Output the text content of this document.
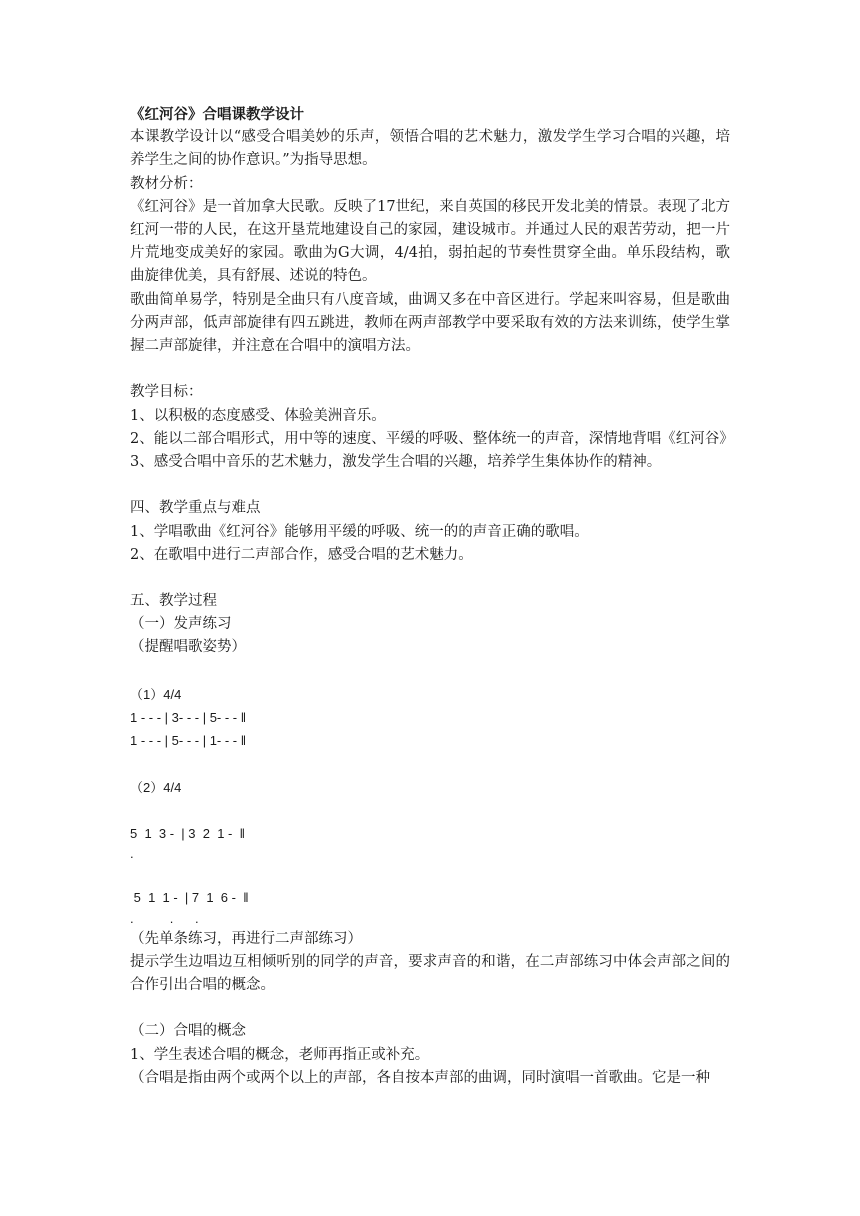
《红河谷》合唱课教学设计
本课教学设计以“感受合唱美妙的乐声，领悟合唱的艺术魅力，激发学生学习合唱的兴趣，培养学生之间的协作意识。”为指导思想。
教材分析：
《红河谷》是一首加拿大民歌。反映了17世纪，来自英国的移民开发北美的情景。表现了北方红河一带的人民，在这开垦荒地建设自己的家园，建设城市。并通过人民的艰苦劳动，把一片片荒地变成美好的家园。歌曲为G大调，4/4拍，弱拍起的节奏性贯穿全曲。单乐段结构，歌曲旋律优美，具有舒展、述说的特色。
歌曲简单易学，特别是全曲只有八度音域，曲调又多在中音区进行。学起来叫容易，但是歌曲分两声部，低声部旋律有四五跳进，教师在两声部教学中要采取有效的方法来训练，使学生掌握二声部旋律，并注意在合唱中的演唱方法。
教学目标：
1、以积极的态度感受、体验美洲音乐。
2、能以二部合唱形式，用中等的速度、平缓的呼吸、整体统一的声音，深情地背唱《红河谷》
3、感受合唱中音乐的艺术魅力，激发学生合唱的兴趣，培养学生集体协作的精神。
四、教学重点与难点
1、学唱歌曲《红河谷》能够用平缓的呼吸、统一的的声音正确的歌唱。
2、在歌唱中进行二声部合作，感受合唱的艺术魅力。
五、教学过程
（一）发声练习
（提醒唱歌姿势）
（1）4/4
1 - - - | 3- - - | 5- - - ‖
1 - - - | 5- - - | 1- - - ‖
（2）4/4
5  1  3 -  | 3  2  1 -  ‖
.
5  1  1 -  | 7  1  6 -  ‖
.          .      .
（先单条练习，再进行二声部练习）
提示学生边唱边互相倾听别的同学的声音，要求声音的和谐，在二声部练习中体会声部之间的合作引出合唱的概念。
（二）合唱的概念
1、学生表述合唱的概念，老师再指正或补充。
（合唱是指由两个或两个以上的声部，各自按本声部的曲调，同时演唱一首歌曲。它是一种
